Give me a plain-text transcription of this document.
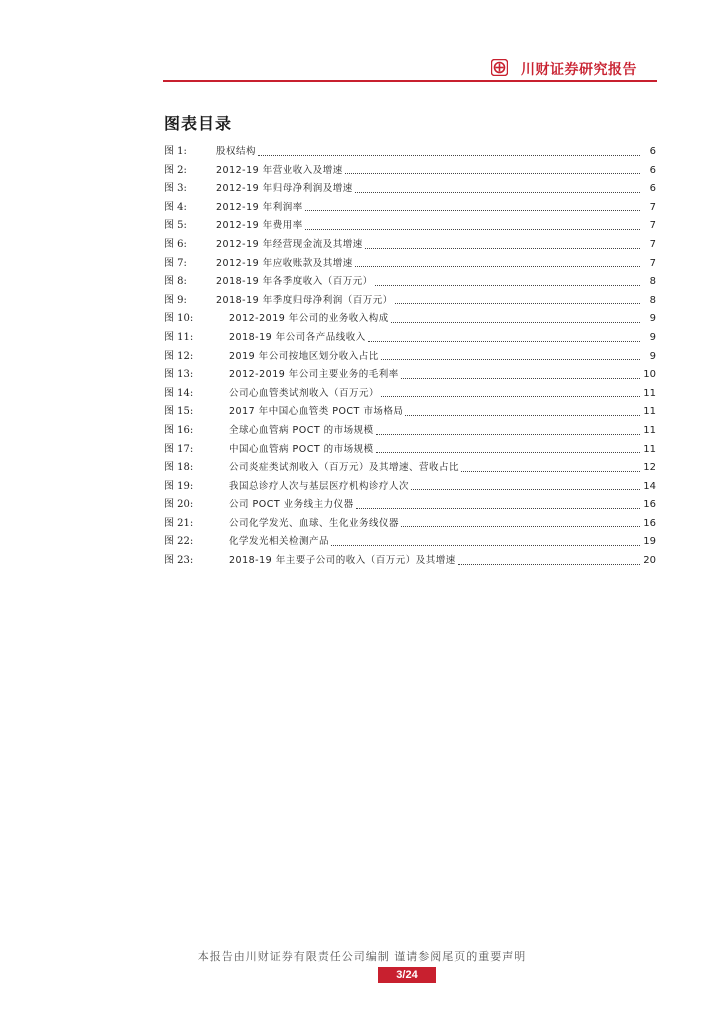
川财证券研究报告
图表目录
图 1:	股权结构	6
图 2:	2012-19 年营业收入及增速	6
图 3:	2012-19 年归母净利润及增速	6
图 4:	2012-19 年利润率	7
图 5:	2012-19 年费用率	7
图 6:	2012-19 年经营现金流及其增速	7
图 7:	2012-19 年应收账款及其增速	7
图 8:	2018-19 年各季度收入（百万元）	8
图 9:	2018-19 年季度归母净利润（百万元）	8
图 10:	2012-2019 年公司的业务收入构成	9
图 11:	2018-19 年公司各产品线收入	9
图 12:	2019 年公司按地区划分收入占比	9
图 13:	2012-2019 年公司主要业务的毛利率	10
图 14:	公司心血管类试剂收入（百万元）	11
图 15:	2017 年中国心血管类 POCT 市场格局	11
图 16:	全球心血管病 POCT 的市场规模	11
图 17:	中国心血管病 POCT 的市场规模	11
图 18:	公司炎症类试剂收入（百万元）及其增速、营收占比	12
图 19:	我国总诊疗人次与基层医疗机构诊疗人次	14
图 20:	公司 POCT 业务线主力仪器	16
图 21:	公司化学发光、血球、生化业务线仪器	16
图 22:	化学发光相关检测产品	19
图 23:	2018-19 年主要子公司的收入（百万元）及其增速	20
本报告由川财证券有限责任公司编制 谨请参阅尾页的重要声明
3/24
